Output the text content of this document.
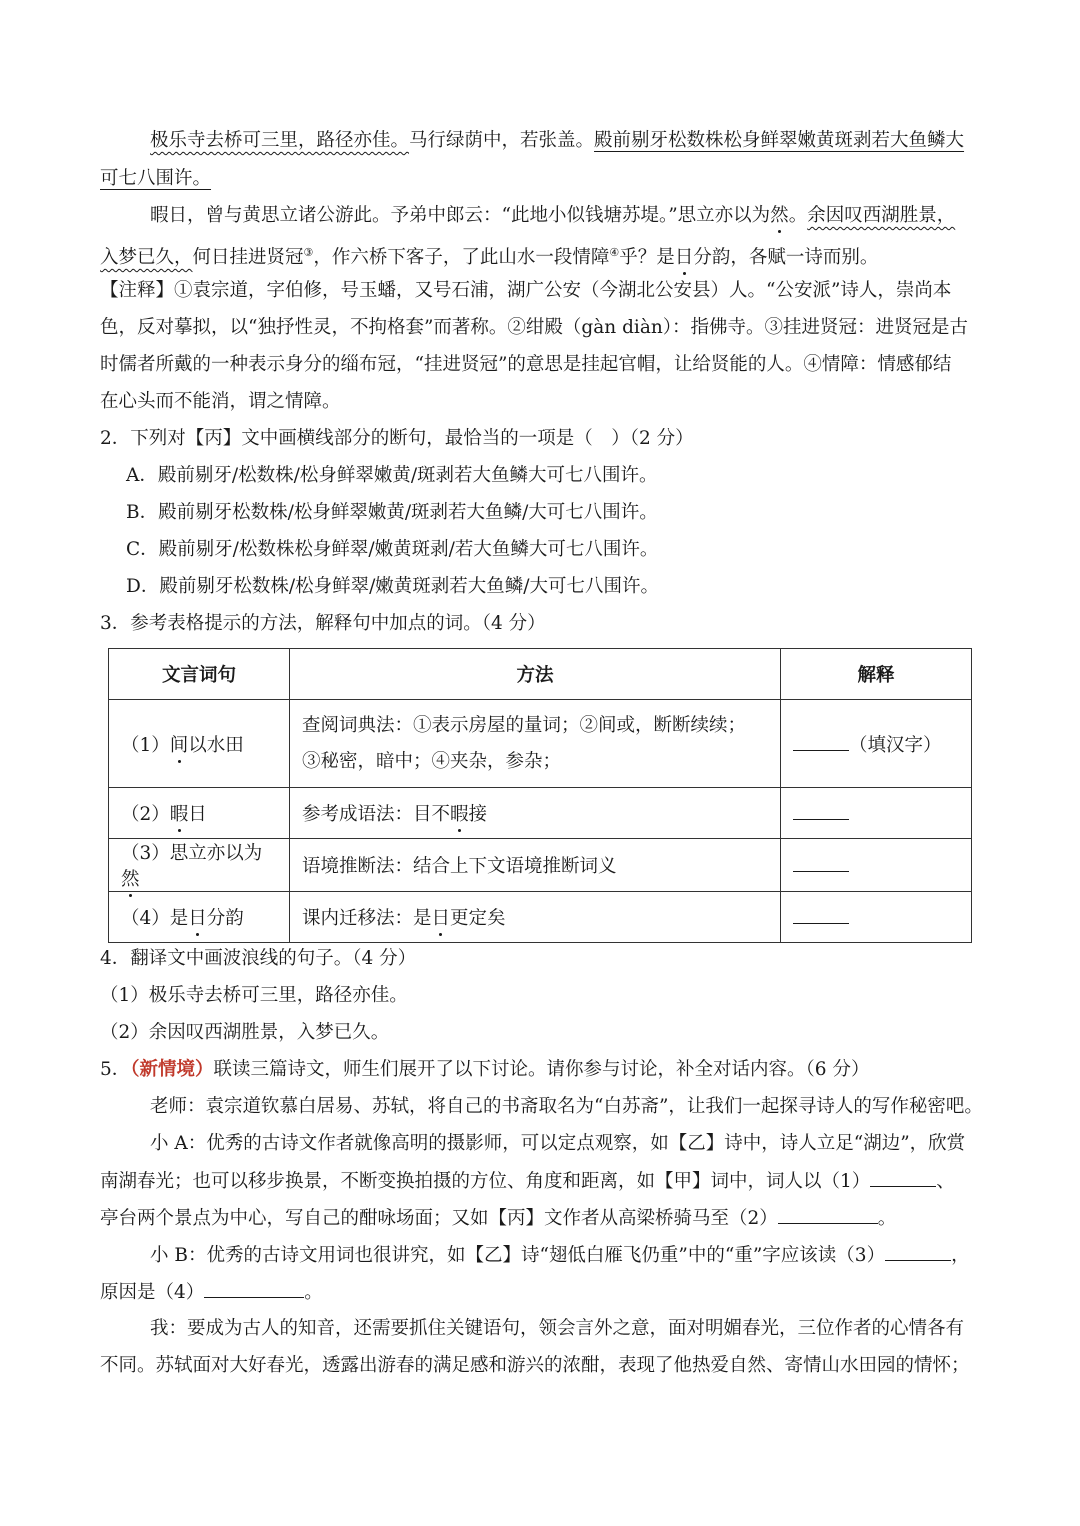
极乐寺去桥可三里，路径亦佳。马行绿荫中，若张盖。殿前剔牙松数株松身鲜翠嫩黄斑剥若大鱼鳞大
可七八围许。
暇日，曾与黄思立诸公游此。予弟中郎云：“此地小似钱塘苏堤。”思立亦以为然。余因叹西湖胜景，
入梦已久，何日挂进贤冠③，作六桥下客子，了此山水一段情障④乎？是日分韵，各赋一诗而别。
【注释】①袁宗道，字伯修，号玉蟠，又号石浦，湖广公安（今湖北公安县）人。“公安派”诗人，崇尚本
色，反对摹拟，以“独抒性灵，不拘格套”而著称。②绀殿（gàn diàn）：指佛寺。③挂进贤冠：进贤冠是古
时儒者所戴的一种表示身分的缁布冠，“挂进贤冠”的意思是挂起官帽，让给贤能的人。④情障：情感郁结
在心头而不能消，谓之情障。
2．下列对【丙】文中画横线部分的断句，最恰当的一项是（　）（2 分）
A．殿前剔牙/松数株/松身鲜翠嫩黄/斑剥若大鱼鳞大可七八围许。
B．殿前剔牙松数株/松身鲜翠嫩黄/斑剥若大鱼鳞/大可七八围许。
C．殿前剔牙/松数株松身鲜翠/嫩黄斑剥/若大鱼鳞大可七八围许。
D．殿前剔牙松数株/松身鲜翠/嫩黄斑剥若大鱼鳞/大可七八围许。
3．参考表格提示的方法，解释句中加点的词。（4 分）
文言词句	方法	解释
（1）间以水田	查阅词典法：①表示房屋的量词；②间或，断断续续；
③秘密，暗中；④夹杂，参杂；	（填汉字）
（2）暇日	参考成语法：目不暇接	
（3）思立亦以为然	语境推断法：结合上下文语境推断词义	
（4）是日分韵	课内迁移法：是日更定矣	
4．翻译文中画波浪线的句子。（4 分）
（1）极乐寺去桥可三里，路径亦佳。
（2）余因叹西湖胜景，入梦已久。
5．（新情境）联读三篇诗文，师生们展开了以下讨论。请你参与讨论，补全对话内容。（6 分）
老师：袁宗道钦慕白居易、苏轼，将自己的书斋取名为“白苏斋”，让我们一起探寻诗人的写作秘密吧。
小 A：优秀的古诗文作者就像高明的摄影师，可以定点观察，如【乙】诗中，诗人立足“湖边”，欣赏
南湖春光；也可以移步换景，不断变换拍摄的方位、角度和距离，如【甲】词中，词人以（1）	、
亭台两个景点为中心，写自己的酣咏场面；又如【丙】文作者从高梁桥骑马至（2）	。
小 B：优秀的古诗文用词也很讲究，如【乙】诗“翅低白雁飞仍重”中的“重”字应该读（3）	，
原因是（4）	。
我：要成为古人的知音，还需要抓住关键语句，领会言外之意，面对明媚春光，三位作者的心情各有
不同。苏轼面对大好春光，透露出游春的满足感和游兴的浓酣，表现了他热爱自然、寄情山水田园的情怀；
